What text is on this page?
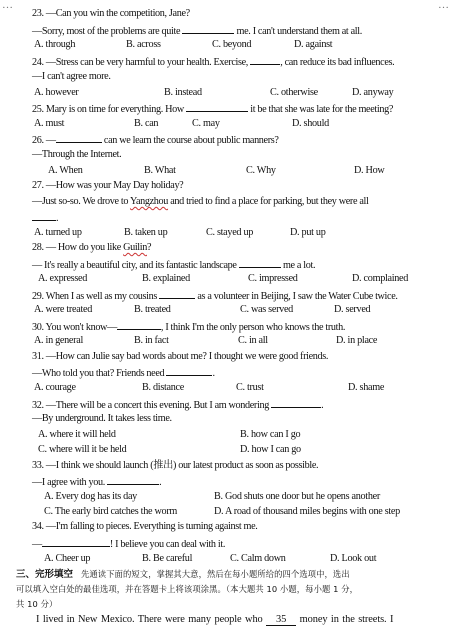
…	…
23. —Can you win the competition, Jane?
—Sorry, most of the problems are quite	me. I can't understand them at all.
A. through	B. across	C. beyond	D. against
24. —Stress can be very harmful to your health. Exercise,	, can reduce its bad influences.
—I can't agree more.
A. however	B. instead	C. otherwise	D. anyway
25. Mary is on time for everything. How	it be that she was late for the meeting?
A. must	B. can	C. may	D. should
26. —	can we learn the course about public manners?
—Through the Internet.
A. When	B. What	C. Why	D. How
27. —How was your May Day holiday?
—Just so-so. We drove to Yangzhou and tried to find a place for parking, but they were all
.
A. turned up	B. taken up	C. stayed up	D. put up
28. — How do you like Guilin?
— It's really a beautiful city, and its fantastic landscape	me a lot.
A. expressed	B. explained	C. impressed	D. complained
29. When I as well as my cousins	as a volunteer in Beijing, I saw the Water Cube twice.
A. were treated	B. treated	C. was served	D. served
30. You won't know—	, I think I'm the only person who knows the truth.
A. in general	B. in fact	C. in all	D. in place
31. —How can Julie say bad words about me? I thought we were good friends.
—Who told you that? Friends need	.
A. courage	B. distance	C. trust	D. shame
32. —There will be a concert this evening. But I am wondering	.
—By underground. It takes less time.
A. where it will held	B. how can I go
C. where will it be held	D. how I can go
33. —I think we should launch (推出) our latest product as soon as possible.
—I agree with you.	.
A. Every dog has its day	B. God shuts one door but he opens another
C. The early bird catches the worm	D. A road of thousand miles begins with one step
34. —I'm falling to pieces. Everything is turning against me.
—	! I believe you can deal with it.
A. Cheer up	B. Be careful	C. Calm down	D. Look out
三、完形填空 先通读下面的短文，掌握其大意，然后在每小题所给的四个选项中，选出
可以填入空白处的最佳选项，并在答题卡上将该项涂黑。（本大题共 10 小题，每小题 1 分，
共 10 分）
I lived in New Mexico. There were many people who 35 money in the streets. I
